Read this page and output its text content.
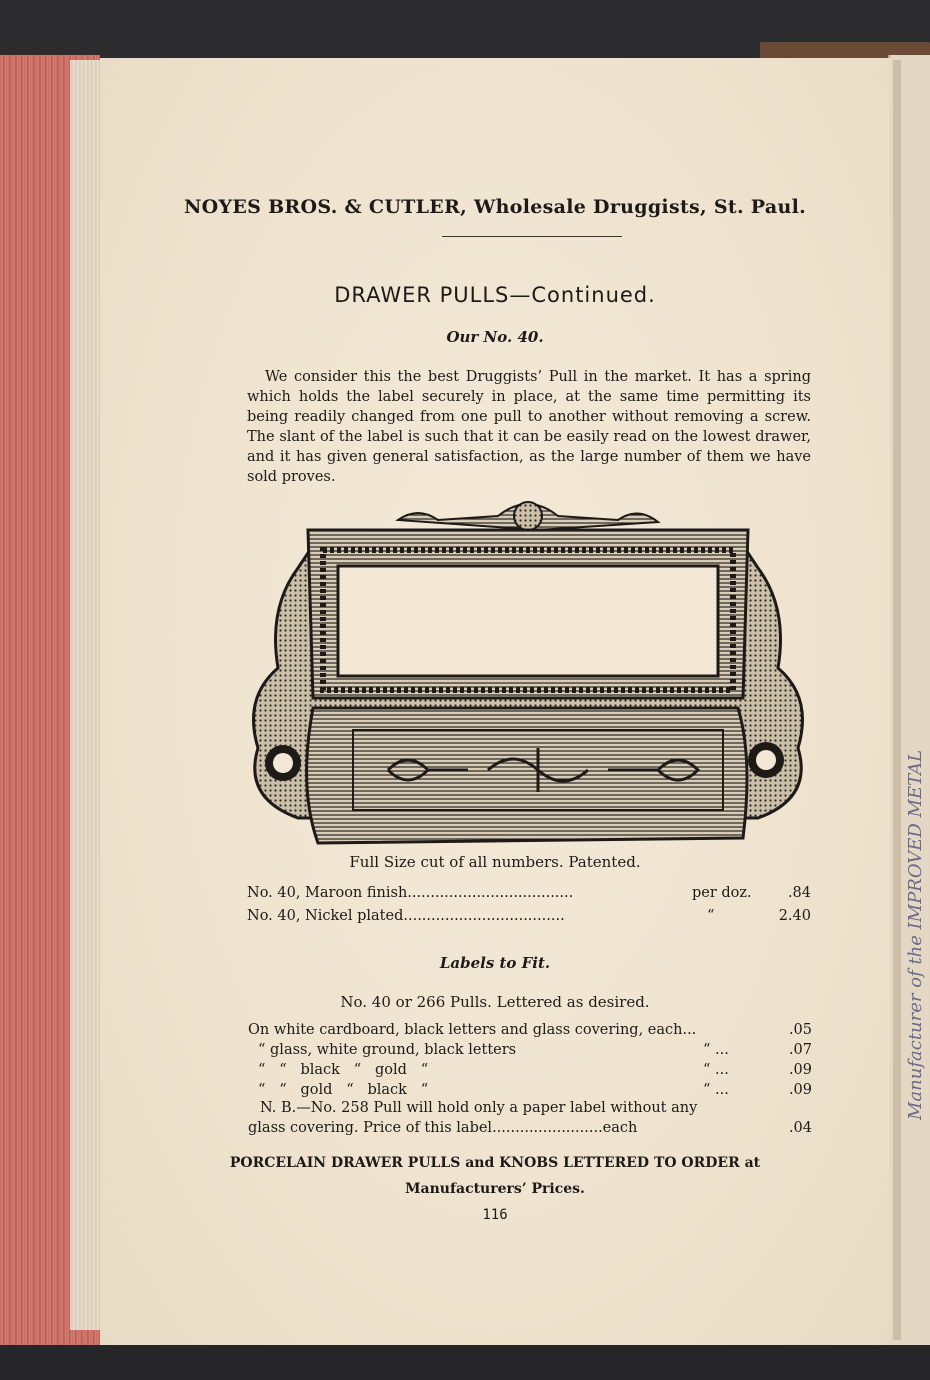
Manufacturer of the IMPROVED METAL
NOYES BROS. & CUTLER, Wholesale Druggists, St. Paul.
DRAWER PULLS—Continued.
Our No. 40.
We consider this the best Druggists’ Pull in the market. It has a spring which holds the label securely in place, at the same time permitting its being readily changed from one pull to another without removing a screw. The slant of the label is such that it can be easily read on the lowest drawer, and it has given general satisfaction, as the large number of them we have sold proves.
Full Size cut of all numbers. Patented.
No. 40, Maroon finish....................................	per doz.	.84
No. 40, Nickel plated...................................	“	2.40
Labels to Fit.
No. 40 or 266 Pulls. Lettered as desired.
On white cardboard, black letters and glass covering, each...	.05
“ glass, white ground, black letters	“ ...	.07
“   “   black   “   gold   “	“ ...	.09
“   “   gold   “   black   “	“ ...	.09
N. B.—No. 258 Pull will hold only a paper label without any
glass covering. Price of this label........................each	.04
PORCELAIN DRAWER PULLS and KNOBS LETTERED TO ORDER at
Manufacturers’ Prices.
116
